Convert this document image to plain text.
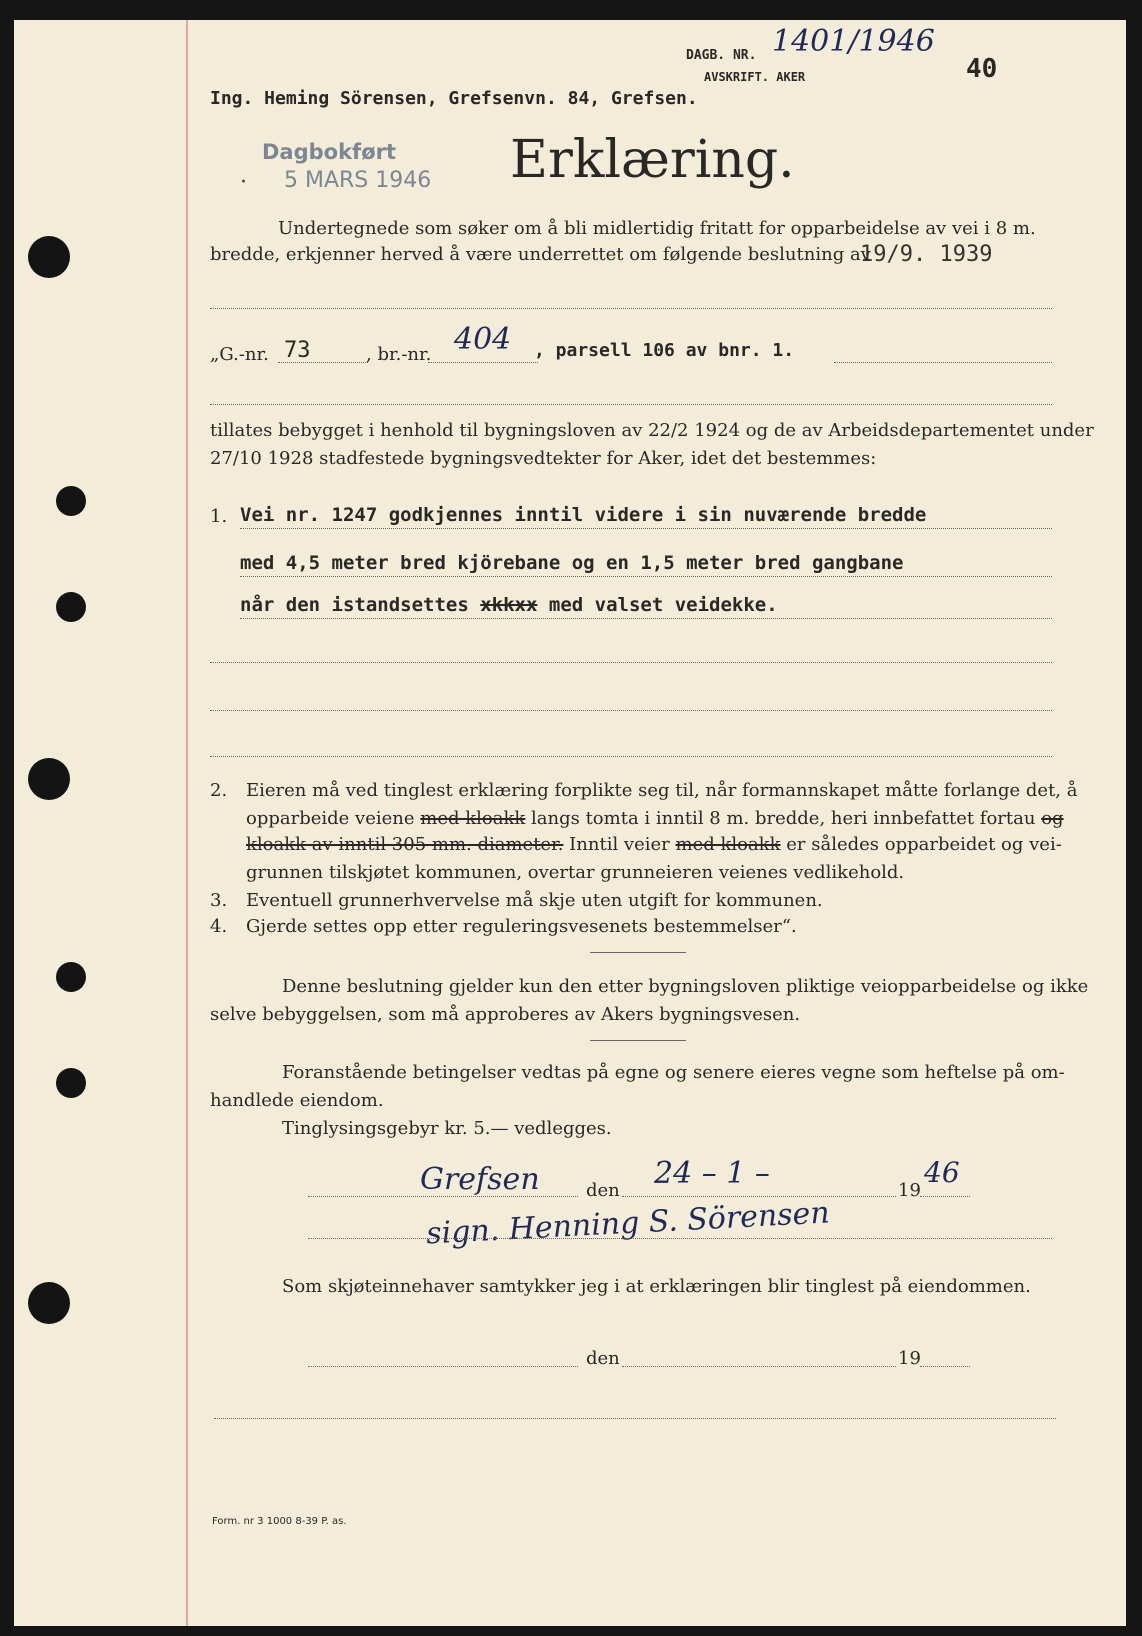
DAGB. NR. 1401/1946
AVSKRIFT. AKER	40
Ing. Heming Sörensen, Grefsenvn. 84, Grefsen.
Dagbokført
· 5 MARS 1946 Erklæring.
Undertegnede som søker om å bli midlertidig fritatt for opparbeidelse av vei i 8 m.
bredde, erkjenner herved å være underrettet om følgende beslutning av
19/9. 1939
„G.-nr. 73	, br.-nr. 404 , parsell 106 av bnr. 1.
tillates bebygget i henhold til bygningsloven av 22/2 1924 og de av Arbeidsdepartementet under
27/10 1928 stadfestede bygningsvedtekter for Aker, idet det bestemmes:
1. Vei nr. 1247 godkjennes inntil videre i sin nuværende bredde
med 4,5 meter bred kjörebane og en 1,5 meter bred gangbane
når den istandsettes xkkxx med valset veidekke.
2. Eieren må ved tinglest erklæring forplikte seg til, når formannskapet måtte forlange det, å
opparbeide veiene med kloakk langs tomta i inntil 8 m. bredde, heri innbefattet fortau og
kloakk av inntil 305 mm. diameter. Inntil veier med kloakk er således opparbeidet og vei-
grunnen tilskjøtet kommunen, overtar grunneieren veienes vedlikehold.
3. Eventuell grunnerhvervelse må skje uten utgift for kommunen.
4. Gjerde settes opp etter reguleringsvesenets bestemmelser“.
Denne beslutning gjelder kun den etter bygningsloven pliktige veiopparbeidelse og ikke
selve bebyggelsen, som må approberes av Akers bygningsvesen.
Foranstående betingelser vedtas på egne og senere eieres vegne som heftelse på om-
handlede eiendom.
Tinglysingsgebyr kr. 5.— vedlegges.
Grefsen	den 24 – 1 –	19
46
sign. Henning S. Sörensen
Som skjøteinnehaver samtykker jeg i at erklæringen blir tinglest på eiendommen.
den	19
Form. nr 3 1000 8-39 P. as.
